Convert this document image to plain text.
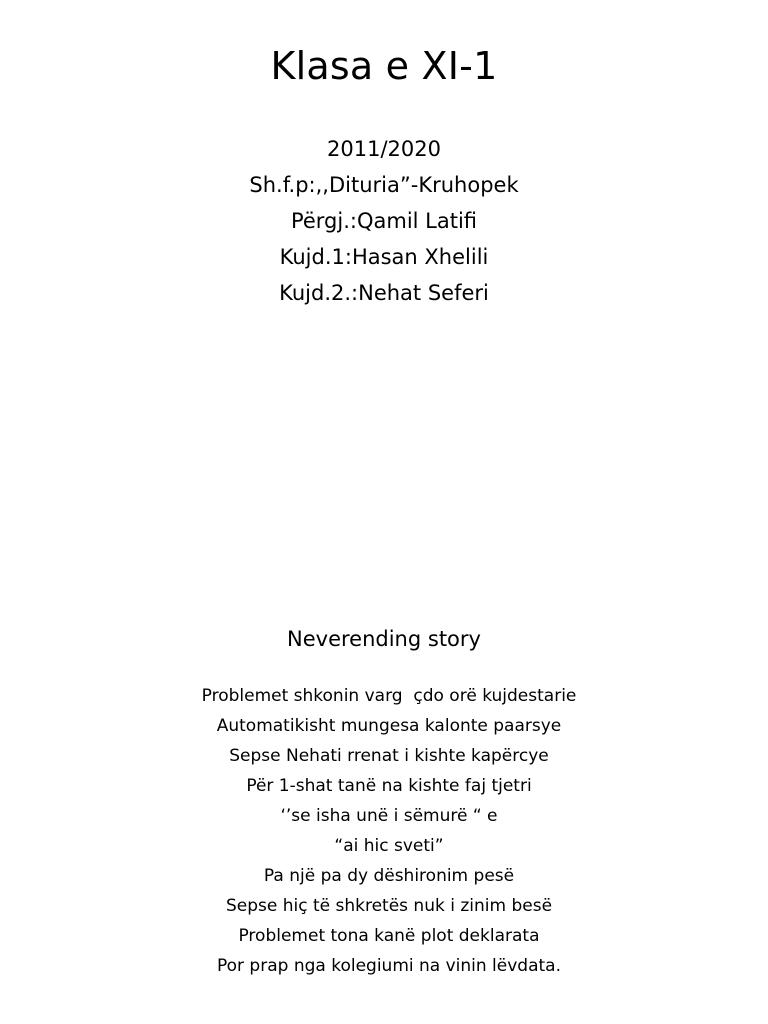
Klasa e XI-1
2011/2020
Sh.f.p:,,Dituria”-Kruhopek
Përgj.:Qamil Latifi
Kujd.1:Hasan Xhelili
Kujd.2.:Nehat Seferi
Neverending story
Problemet shkonin varg  çdo orë kujdestarie
Automatikisht mungesa kalonte paarsye
Sepse Nehati rrenat i kishte kapërcye
Për 1-shat tanë na kishte faj tjetri
‘’se isha unë i sëmurë “ e
“ai hic sveti”
Pa një pa dy dëshironim pesë
Sepse hiç të shkretës nuk i zinim besë
Problemet tona kanë plot deklarata
Por prap nga kolegiumi na vinin lëvdata.
